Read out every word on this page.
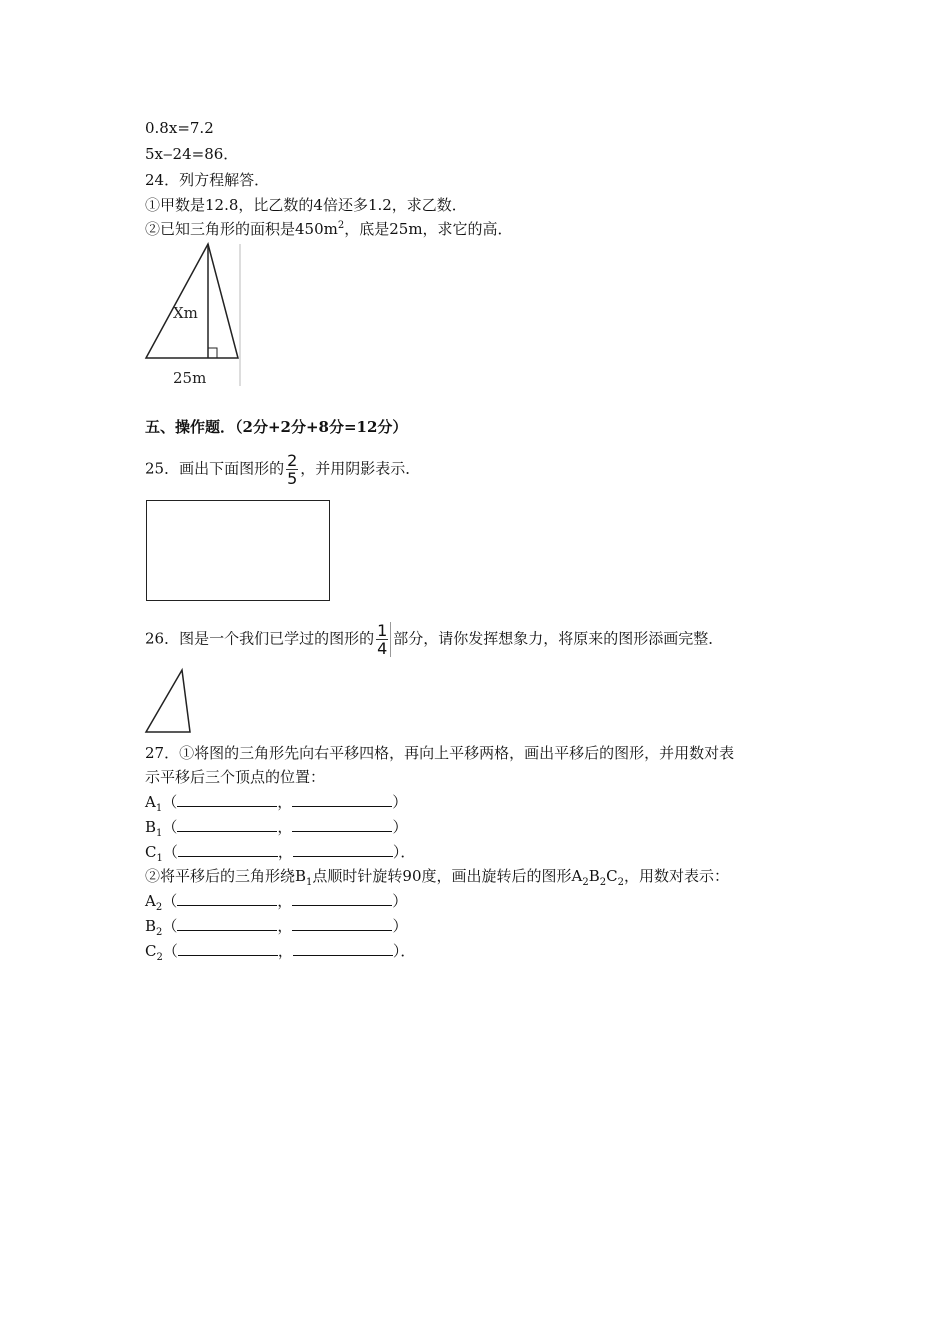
0.8x=7.2
5x‒24=86．
24．列方程解答．
①甲数是12.8，比乙数的4倍还多1.2，求乙数．
②已知三角形的面积是$450m^2$，底是25m，求它的高．
Xm
25m
五、操作题．（2分+2分+8分=12分）
25．画出下面图形的 $\frac{2}{5}$ ，并用阴影表示．
26．图是一个我们已学过的图形的 $\frac{1}{4}$ 部分，请你发挥想象力，将原来的图形添画完整．
27．①将图的三角形先向右平移四格，再向上平移两格，画出平移后的图形，并用数对表
示平移后三个顶点的位置：
$A_1$（	，	）
$B_1$（	，	）
$C_1$（	，	）．
②将平移后的三角形绕$B_1$点顺时针旋转90度，画出旋转后的图形$A_2B_2C_2$，用数对表示：
$A_2$（	，	）
$B_2$（	，	）
$C_2$（	，	）．
